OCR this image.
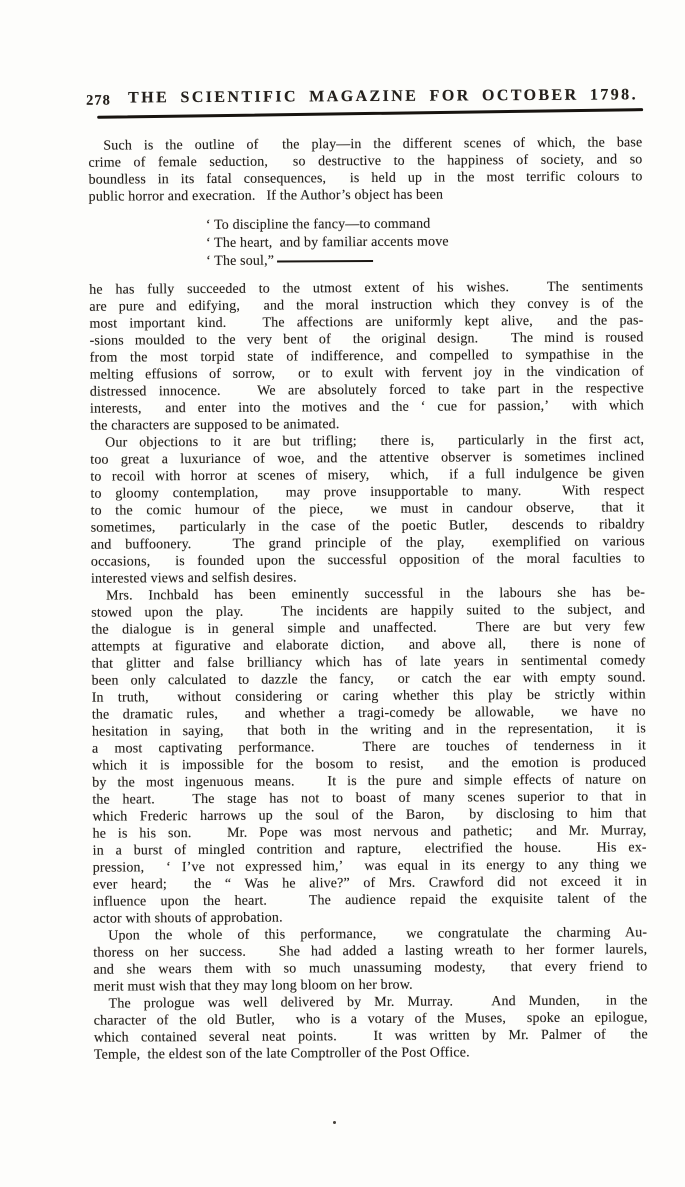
278	THE SCIENTIFIC MAGAZINE FOR OCTOBER 1798.
Such is the outline of  the play—in the different scenes of which, the base
crime of female seduction,  so destructive to the happiness of society, and so
boundless in its fatal consequences,  is held up in the most terrific colours to
public horror and execration.   If the Author’s object has been
‘ To discipline the fancy—to command
‘ The heart,  and by familiar accents move
‘ The soul,”
he has fully succeeded to the utmost extent of his wishes.   The sentiments
are pure and edifying,  and the moral instruction which they convey is of the
most important kind.   The affections are uniformly kept alive,  and the pas-
-sions moulded to the very bent of  the original design.   The mind is roused
from the most torpid state of indifference, and compelled to sympathise in the
melting effusions of sorrow,  or to exult with fervent joy in the vindication of
distressed innocence.   We are absolutely forced to take part in the respective
interests,  and enter into the motives and the ‘ cue for passion,’  with which
the characters are supposed to be animated.
Our objections to it are but trifling;  there is,  particularly in the first act,
too great a luxuriance of woe, and the attentive observer is sometimes inclined
to recoil with horror at scenes of misery,  which,  if a full indulgence be given
to gloomy contemplation,  may prove insupportable to many.   With respect
to the comic humour of the piece,  we must in candour observe,  that it
sometimes,  particularly in the case of the poetic Butler,  descends to ribaldry
and buffoonery.   The grand principle of the play,  exemplified on various
occasions,  is founded upon the successful opposition of the moral faculties to
interested views and selfish desires.
Mrs. Inchbald has been eminently successful in the labours she has be-
stowed upon the play.   The incidents are happily suited to the subject, and
the dialogue is in general simple and unaffected.   There are but very few
attempts at figurative and elaborate diction,  and above all,  there is none of
that glitter and false brilliancy which has of late years in sentimental comedy
been only calculated to dazzle the fancy,  or catch the ear with empty sound.
In truth,  without considering or caring whether this play be strictly within
the dramatic rules,  and whether a tragi-comedy be allowable,  we have no
hesitation in saying,  that both in the writing and in the representation,  it is
a most captivating performance.   There are touches of tenderness in it
which it is impossible for the bosom to resist,  and the emotion is produced
by the most ingenuous means.   It is the pure and simple effects of nature on
the heart.   The stage has not to boast of many scenes superior to that in
which Frederic harrows up the soul of the Baron,  by disclosing to him that
he is his son.   Mr. Pope was most nervous and pathetic;  and Mr. Murray,
in a burst of mingled contrition and rapture,  electrified the house.   His ex-
pression,  ‘ I’ve not expressed him,’  was equal in its energy to any thing we
ever heard;  the “ Was he alive?” of Mrs. Crawford did not exceed it in
influence upon the heart.   The audience repaid the exquisite talent of the
actor with shouts of approbation.
Upon the whole of this performance,  we congratulate the charming Au-
thoress on her success.   She had added a lasting wreath to her former laurels,
and she wears them with so much unassuming modesty,  that every friend to
merit must wish that they may long bloom on her brow.
The prologue was well delivered by Mr. Murray.   And Munden,  in the
character of the old Butler,  who is a votary of the Muses,  spoke an epilogue,
which contained several neat points.   It was written by Mr. Palmer of  the
Temple,  the eldest son of the late Comptroller of the Post Office.
